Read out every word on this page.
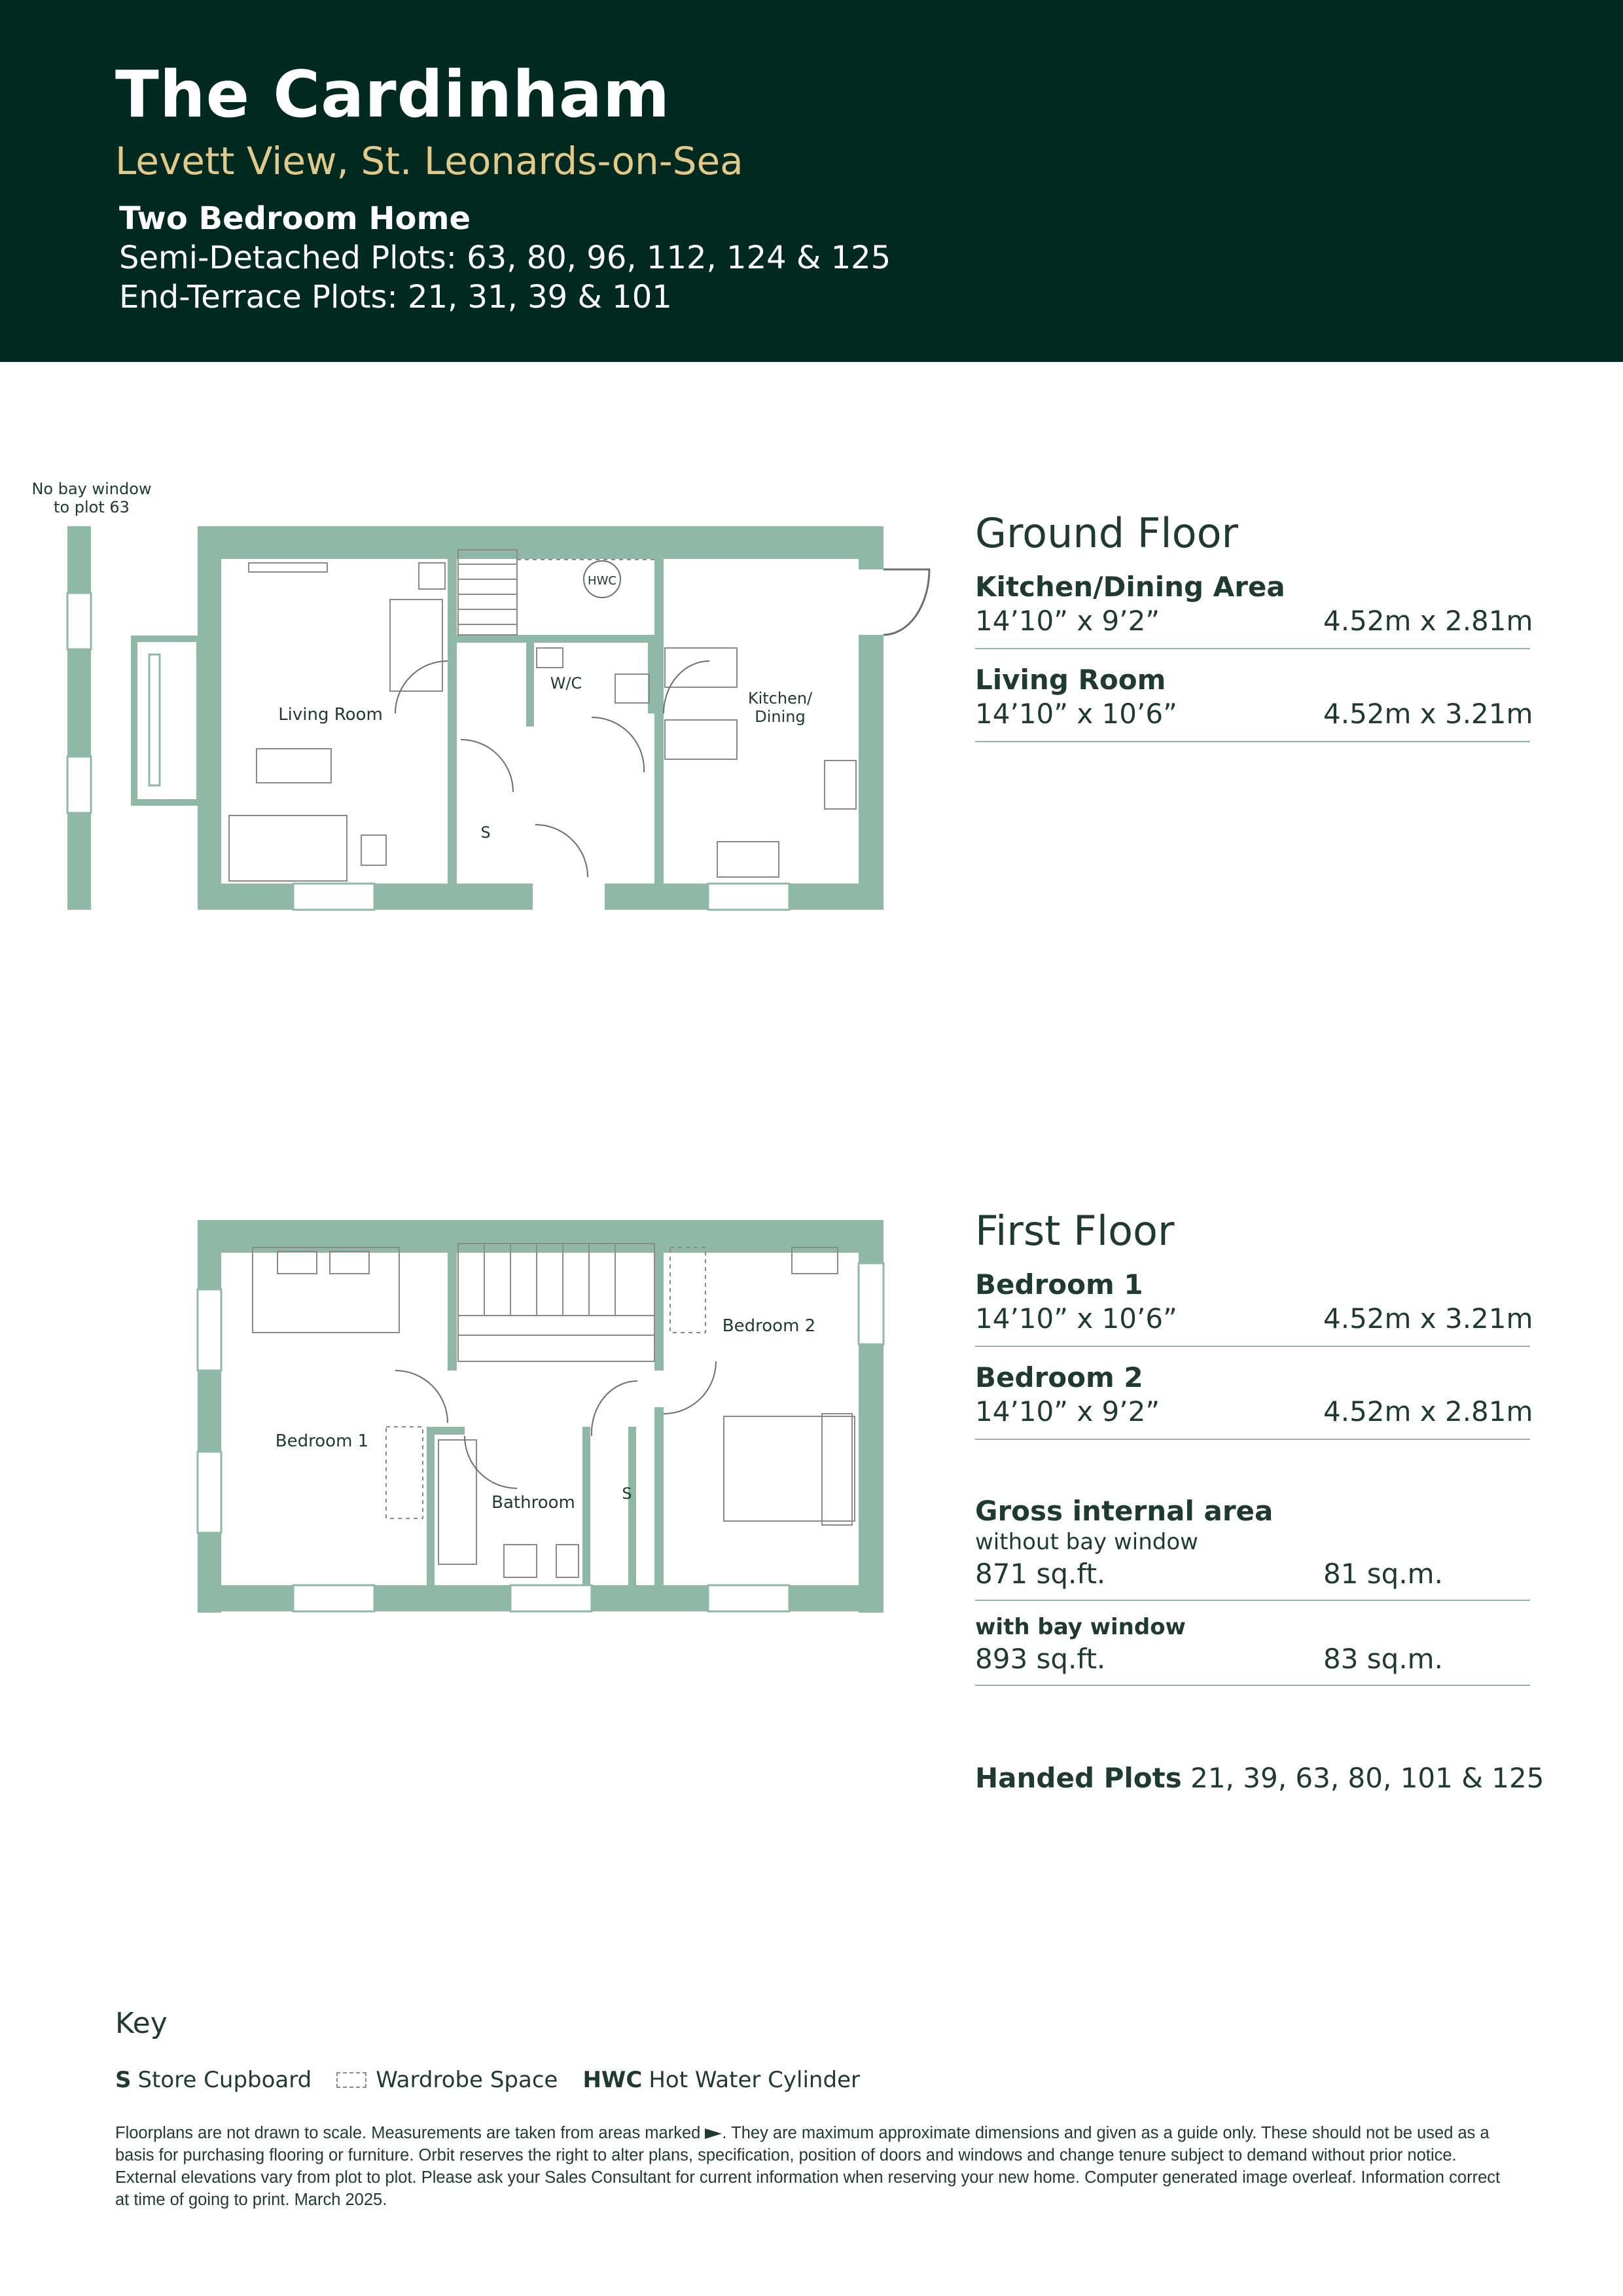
The Cardinham
Levett View, St. Leonards-on-Sea
Two Bedroom Home
Semi-Detached Plots: 63, 80, 96, 112, 124 & 125
End-Terrace Plots: 21, 31, 39 & 101
No bay window
to plot 63
Living Room
W/C
HWC
Kitchen/
Dining
S
Bedroom 1
Bedroom 2
Bathroom	S
Ground Floor
Kitchen/Dining Area
14’10” x 9’2”	4.52m x 2.81m
Living Room
14’10” x 10’6”	4.52m x 3.21m
First Floor
Bedroom 1
14’10” x 10’6”	4.52m x 3.21m
Bedroom 2
14’10” x 9’2”	4.52m x 2.81m
Gross internal area
without bay window
871 sq.ft.	81 sq.m.
with bay window
893 sq.ft.	83 sq.m.
Handed Plots 21, 39, 63, 80, 101 & 125
Key
S Store Cupboard	Wardrobe Space HWC Hot Water Cylinder
Floorplans are not drawn to scale. Measurements are taken from areas marked . They are maximum approximate dimensions and given as a guide only. These should not be used as a basis for purchasing flooring or furniture. Orbit reserves the right to alter plans, specification, position of doors and windows and change tenure subject to demand without prior notice. External elevations vary from plot to plot. Please ask your Sales Consultant for current information when reserving your new home. Computer generated image overleaf. Information correct at time of going to print. March 2025.
